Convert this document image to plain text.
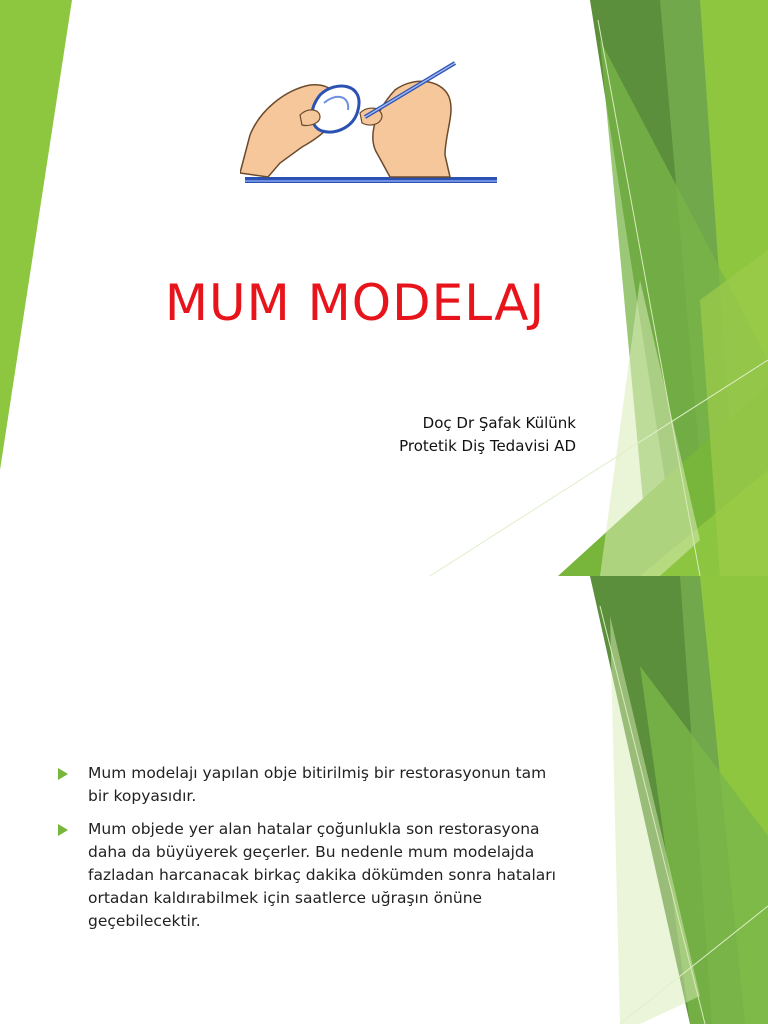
MUM MODELAJ
Doç Dr Şafak Külünk
Protetik Diş Tedavisi AD
Mum modelajı yapılan obje bitirilmiş bir restorasyonun tam bir kopyasıdır.
Mum objede yer alan hatalar çoğunlukla son restorasyona daha da büyüyerek geçerler. Bu nedenle mum modelajda fazladan harcanacak birkaç dakika dökümden sonra hataları ortadan kaldırabilmek için saatlerce uğraşın önüne geçebilecektir.
